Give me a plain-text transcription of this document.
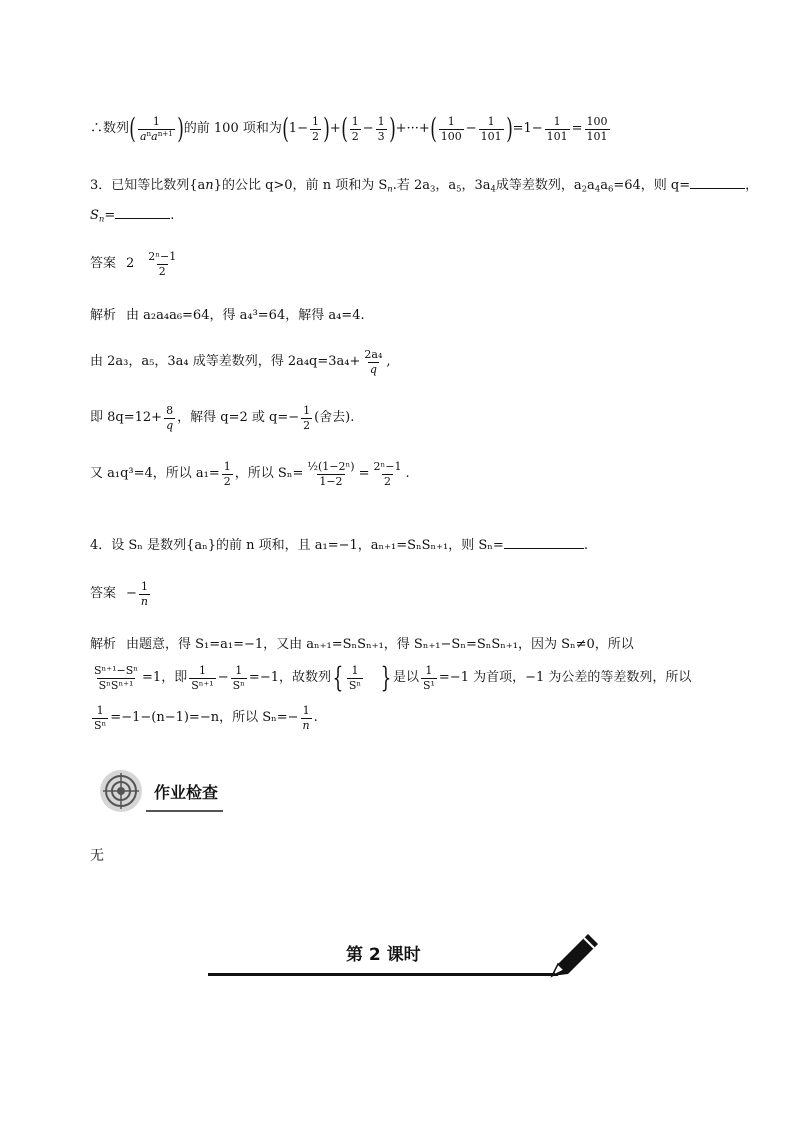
∴数列 ( $\frac{1}{a^na^{n+1}}$ ) 的前 100 项和为 ( $1 - \frac{1}{2}$ ) + ( $\frac{1}{2} - \frac{1}{3}$ ) +···+ ( $\frac{1}{100} - \frac{1}{101}$ ) $=1- \frac{1}{101} = \frac{100}{101}$
3．已知等比数列{an}的公比 q>0，前 n 项和为 $S_n$.若 $2a_3$，$a_5$，$3a_4$成等差数列，$a_2a_4a_6=64$，则 q=	，
$S_n=$	.
答案 $2 \frac{\text{2ⁿ−1}}{2}$
解析 由 a₂a₄a₆=64，得 a₄³=64，解得 a₄=4.
由 2a₃，a₅，3a₄ 成等差数列，得 $2a_4q=3a_4+ \frac{\text{2a₄}}{q}$ ,
即 $8q=12+ \frac{8}{q}$ ，解得 q=2 或 $q=- \frac{1}{2}$ (舍去).
又 a₁q³=4，所以 $a_1= \frac{1}{2}$ ，所以 $S_n= \frac{\text{½(1−2ⁿ)}}{1-2} = \frac{\text{2ⁿ−1}}{2}$ .
4．设 Sₙ 是数列{aₙ}的前 n 项和，且 a₁=−1，aₙ₊₁=SₙSₙ₊₁，则 Sₙ=	.
答案 − $\frac{1}{n}$
解析 由题意，得 S₁=a₁=−1，又由 aₙ₊₁=SₙSₙ₊₁，得 Sₙ₊₁−Sₙ=SₙSₙ₊₁，因为 Sₙ≠0，所以
$\frac{\text{Sⁿ⁺¹−Sⁿ}}{\text{SⁿSⁿ⁺¹}} =1$，即 $\frac{1}{\text{Sⁿ⁺¹}} - \frac{1}{\text{Sⁿ}} =-1$，故数列 { $\frac{1}{\text{Sⁿ}}$ } 是以 $\frac{1}{\text{S¹}} =-1$ 为首项，−1 为公差的等差数列，所以
$\frac{1}{\text{Sⁿ}} =-1-(n-1)=-n$，所以 $S_n=- \frac{1}{n}$ .
作业检查
无
第 2 课时
